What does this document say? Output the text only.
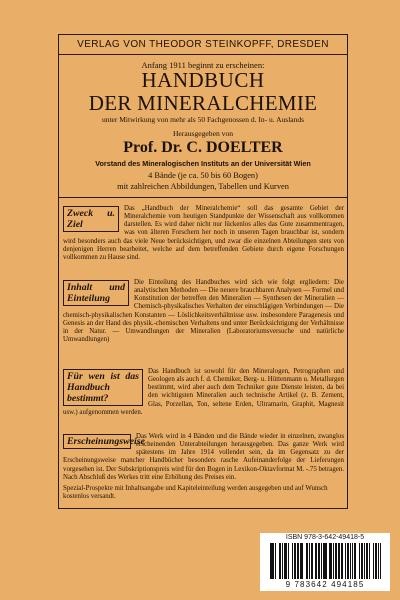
VERLAG VON THEODOR STEINKOPFF, DRESDEN
Anfang 1911 beginnt zu erscheinen:
HANDBUCH
DER MINERALCHEMIE
unter Mitwirkung von mehr als 50 Fachgenossen d. In- u. Auslands
Herausgegeben von
Prof. Dr. C. DOELTER
Vorstand des Mineralogischen Instituts an der Universität Wien
4 Bände (je ca. 50 bis 60 Bogen)
mit zahlreichen Abbildungen, Tabellen und Kurven
Zweck u. Ziel
Das „Handbuch der Mineralchemie“ soll das gesamte Gebiet der Mineralchemie vom heutigen Standpunkte der Wissenschaft aus vollkommen darstellen. Es wird daher nicht nur lückenlos alles das Gute zusammentragen, was von älteren Forschern her noch in unseren Tagen brauchbar ist, sondern wird besonders auch das viele Neue berücksichtigen, und zwar die einzelnen Abteilungen stets von denjenigen Herren bearbeitet, welche auf dem betreffenden Gebiete durch eigene Forschungen vollkommen zu Hause sind.
Inhalt und Einteilung
Die Einteilung des Handbuches wird sich wie folgt ergliedern: Die analytischen Methoden — Die neuere brauchbaren Analysen — Formel und Konstitution der betreffen den Mineralien — Synthesen der Mineralien — Chemisch-physikalisches Verhalten der einschlägigen Verbindungen — Die chemisch-physikalischen Konstanten — Löslichkeitsverhältnisse usw. insbesondere Paragenesis und Genesis an der Hand des physik.-chemischen Verhaltens und unter Berücksichtigung der Verhältnisse in der Natur. — Umwandlungen der Mineralien (Laboratoriumsversuche und natürliche Umwandlungen)
Für wen ist das Handbuch bestimmt?
Das Handbuch ist sowohl für den Mineralogen, Petrographen und Geologen als auch f. d. Chemiker, Berg- u. Hüttenmann u. Metallurgen bestimmt, wird aber auch dem Techniker gute Dienste leisten, da bei den wichtigsten Mineralien auch technische Artikel (z. B. Zement, Glas, Porzellan, Ton, seltene Erden, Ultramarin, Graphit, Magnesit usw.) aufgenommen werden.
Erscheinungsweise
Das Werk wird in 4 Bänden und die Bände wieder in einzelnen, zwanglos erscheinenden Unterabteilungen herausgegeben. Das ganze Werk wird spätestens im Jahre 1914 vollendet sein, da im Gegensatz zu der Erscheinungsweise mancher Handbücher besonders rasche Aufeinanderfolge der Lieferungen vorgesehen ist. Der Subskriptionspreis wird für den Bogen in Lexikon-Oktavformat M. -.75 betragen. Nach Abschluß des Werkes tritt eine Erhöhung des Preises ein.
Spezial-Prospekte mit Inhaltsangabe und Kapiteleinteilung werden ausgegeben und auf Wunsch kostenlos versandt.
ISBN 978-3-642-49418-5
9 783642 494185
